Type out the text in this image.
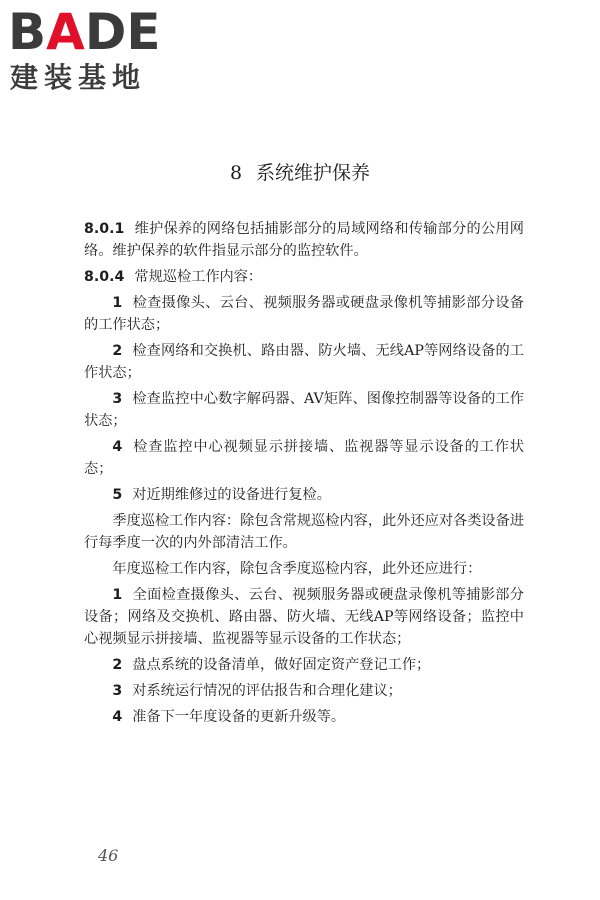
BADE
建装基地
8 系统维护保养

8.0.1 维护保养的网络包括捕影部分的局域网络和传输部分的公用网络。维护保养的软件指显示部分的监控软件。

8.0.4 常规巡检工作内容：

1 检查摄像头、云台、视频服务器或硬盘录像机等捕影部分设备的工作状态；

2 检查网络和交换机、路由器、防火墙、无线AP等网络设备的工作状态；

3 检查监控中心数字解码器、AV矩阵、图像控制器等设备的工作状态；

4 检查监控中心视频显示拼接墙、监视器等显示设备的工作状态；

5 对近期维修过的设备进行复检。

季度巡检工作内容：除包含常规巡检内容，此外还应对各类设备进行每季度一次的内外部清洁工作。

年度巡检工作内容，除包含季度巡检内容，此外还应进行：

1 全面检查摄像头、云台、视频服务器或硬盘录像机等捕影部分设备；网络及交换机、路由器、防火墙、无线AP等网络设备；监控中心视频显示拼接墙、监视器等显示设备的工作状态；

2 盘点系统的设备清单，做好固定资产登记工作；

3 对系统运行情况的评估报告和合理化建议；

4 准备下一年度设备的更新升级等。

46
